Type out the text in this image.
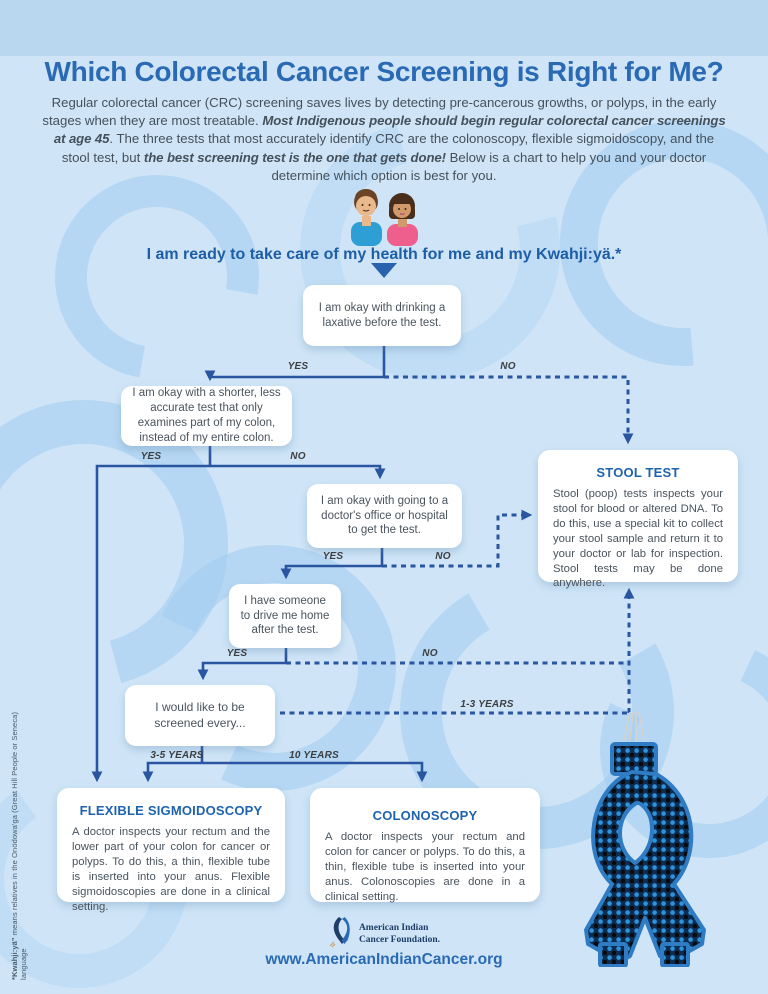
Which Colorectal Cancer Screening is Right for Me?

Regular colorectal cancer (CRC) screening saves lives by detecting pre-cancerous growths, or polyps, in the early stages when they are most treatable. Most Indigenous people should begin regular colorectal cancer screenings at age 45. The three tests that most accurately identify CRC are the colonoscopy, flexible sigmoidoscopy, and the stool test, but the best screening test is the one that gets done! Below is a chart to help you and your doctor determine which option is best for you.

I am ready to take care of my health for me and my Kwahji:yä.*
I am okay with drinking a laxative before the test.
I am okay with a shorter, less accurate test that only examines part of my colon, instead of my entire colon.
I am okay with going to a doctor's office or hospital to get the test.
I have someone to drive me home after the test.
I would like to be screened every...
YES	NO
YES	NO
YES	NO
YES	NO
1-3 YEARS
3-5 YEARS	10 YEARS
STOOL TEST

Stool (poop) tests inspects your stool for blood or altered DNA. To do this, use a special kit to collect your stool sample and return it to your doctor or lab for inspection. Stool tests may be done anywhere.

FLEXIBLE SIGMOIDOSCOPY

A doctor inspects your rectum and the lower part of your colon for cancer or polyps. To do this, a thin, flexible tube is inserted into your anus. Flexible sigmoidoscopies are done in a clinical setting.

COLONOSCOPY

A doctor inspects your rectum and colon for cancer or polyps. To do this, a thin, flexible tube is inserted into your anus. Colonoscopies are done in a clinical setting.

*Kwahji:yä" means relatives in the Onödowa'ga (Great Hill People or Seneca) language
American Indian
Cancer Foundation.
www.AmericanIndianCancer.org
